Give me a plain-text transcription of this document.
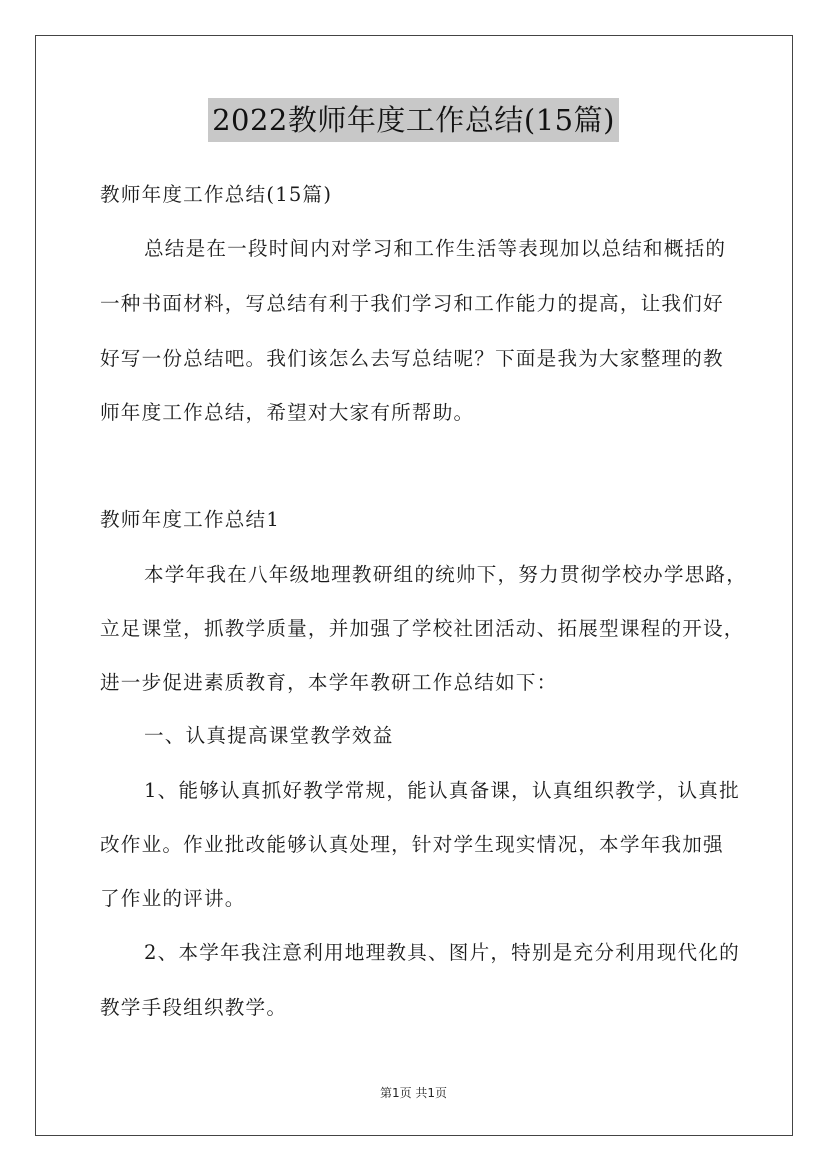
2022教师年度工作总结(15篇)
教师年度工作总结(15篇)
总结是在一段时间内对学习和工作生活等表现加以总结和概括的
一种书面材料，写总结有利于我们学习和工作能力的提高，让我们好
好写一份总结吧。我们该怎么去写总结呢？下面是我为大家整理的教
师年度工作总结，希望对大家有所帮助。
教师年度工作总结1
本学年我在八年级地理教研组的统帅下，努力贯彻学校办学思路，
立足课堂，抓教学质量，并加强了学校社团活动、拓展型课程的开设，
进一步促进素质教育，本学年教研工作总结如下：
一、认真提高课堂教学效益
1、能够认真抓好教学常规，能认真备课，认真组织教学，认真批
改作业。作业批改能够认真处理，针对学生现实情况，本学年我加强
了作业的评讲。
2、本学年我注意利用地理教具、图片，特别是充分利用现代化的
教学手段组织教学。
第1页 共1页
